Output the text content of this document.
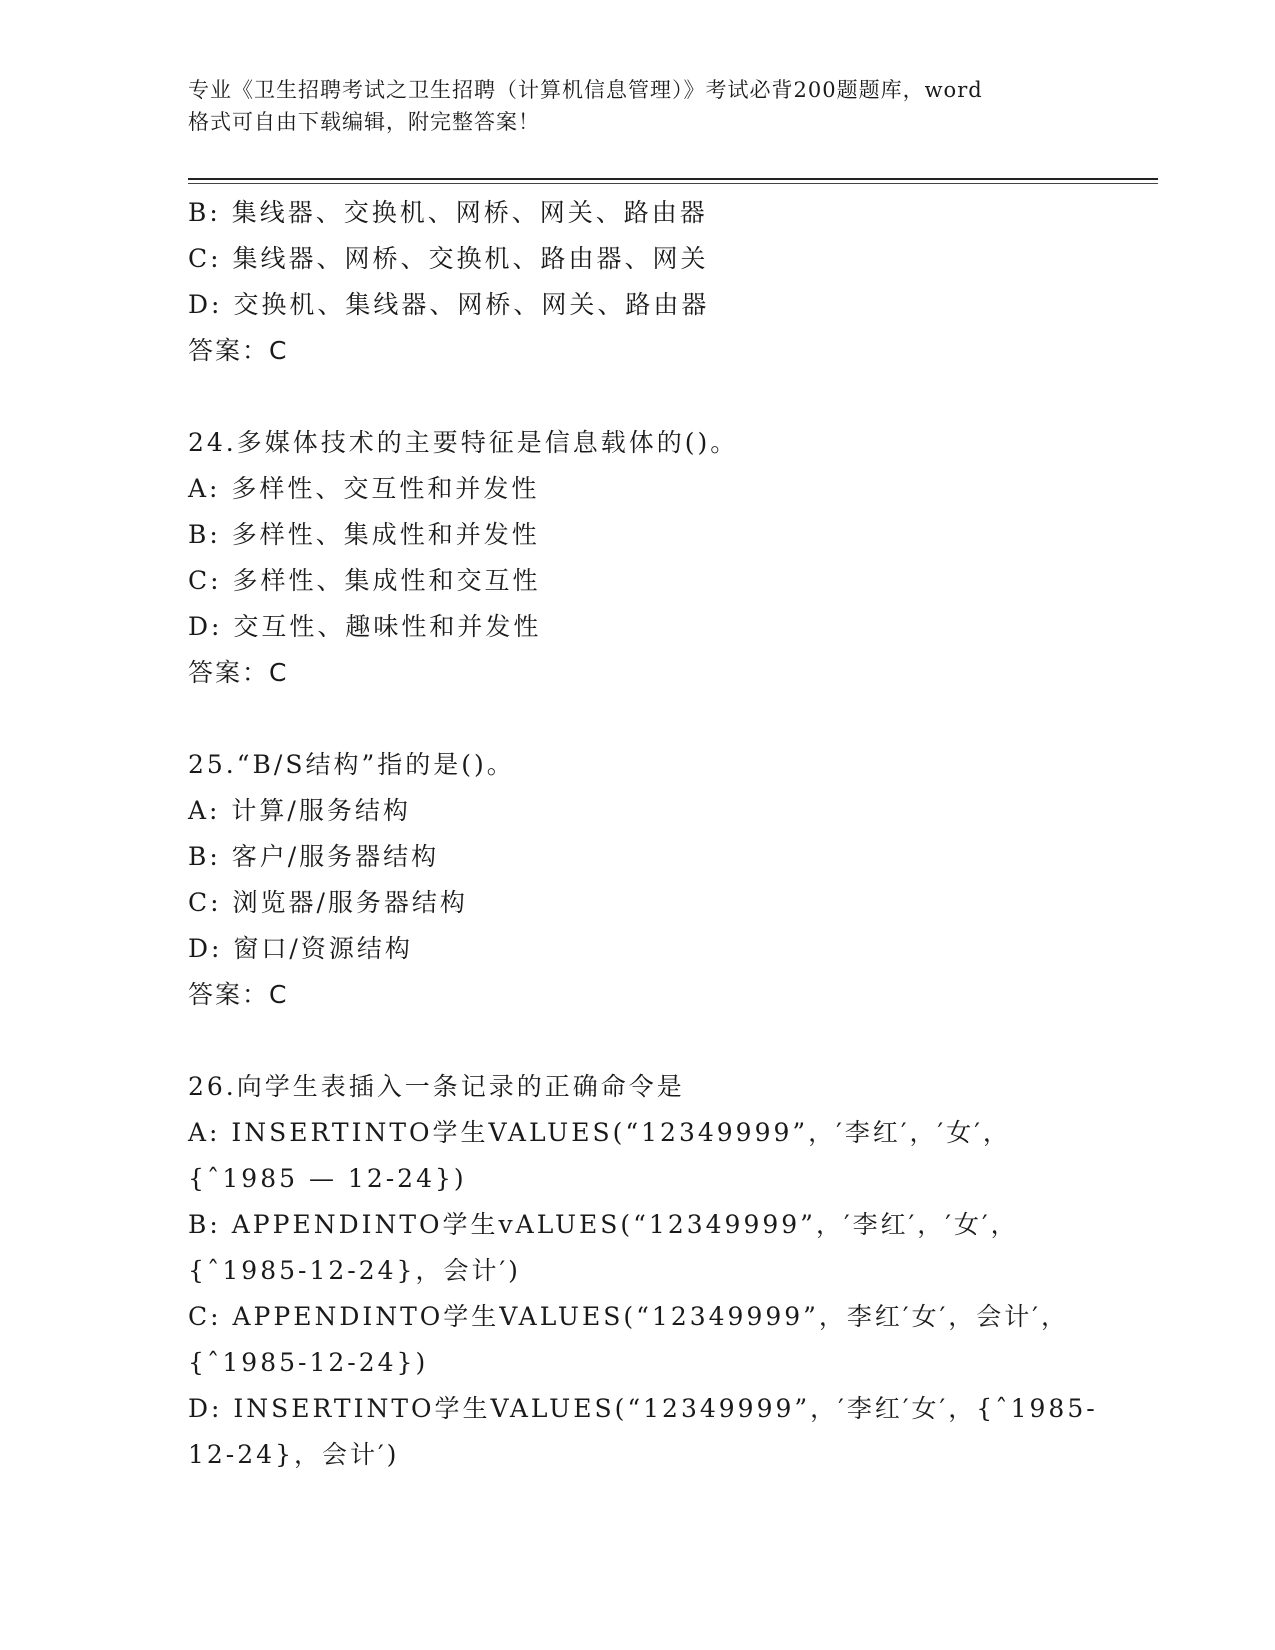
专业《卫生招聘考试之卫生招聘（计算机信息管理）》考试必背200题题库，word
格式可自由下载编辑，附完整答案！
B: 集线器、交换机、网桥、网关、路由器
C: 集线器、网桥、交换机、路由器、网关
D: 交换机、集线器、网桥、网关、路由器
答案：C
24.多媒体技术的主要特征是信息载体的()。
A: 多样性、交互性和并发性
B: 多样性、集成性和并发性
C: 多样性、集成性和交互性
D: 交互性、趣味性和并发性
答案：C
25.“B/S结构”指的是()。
A: 计算/服务结构
B: 客户/服务器结构
C: 浏览器/服务器结构
D: 窗口/资源结构
答案：C
26.向学生表插入一条记录的正确命令是
A: INSERTINTO学生VALUES(“12349999”，′李红′，′女′，
{ˆ1985 — 12-24})
B: APPENDINTO学生vALUES(“12349999”，′李红′，′女′，
{ˆ1985-12-24}，会计′)
C: APPENDINTO学生VALUES(“12349999”，李红′女′，会计′，
{ˆ1985-12-24})
D: INSERTINTO学生VALUES(“12349999”，′李红′女′，{ˆ1985-
12-24}，会计′)
